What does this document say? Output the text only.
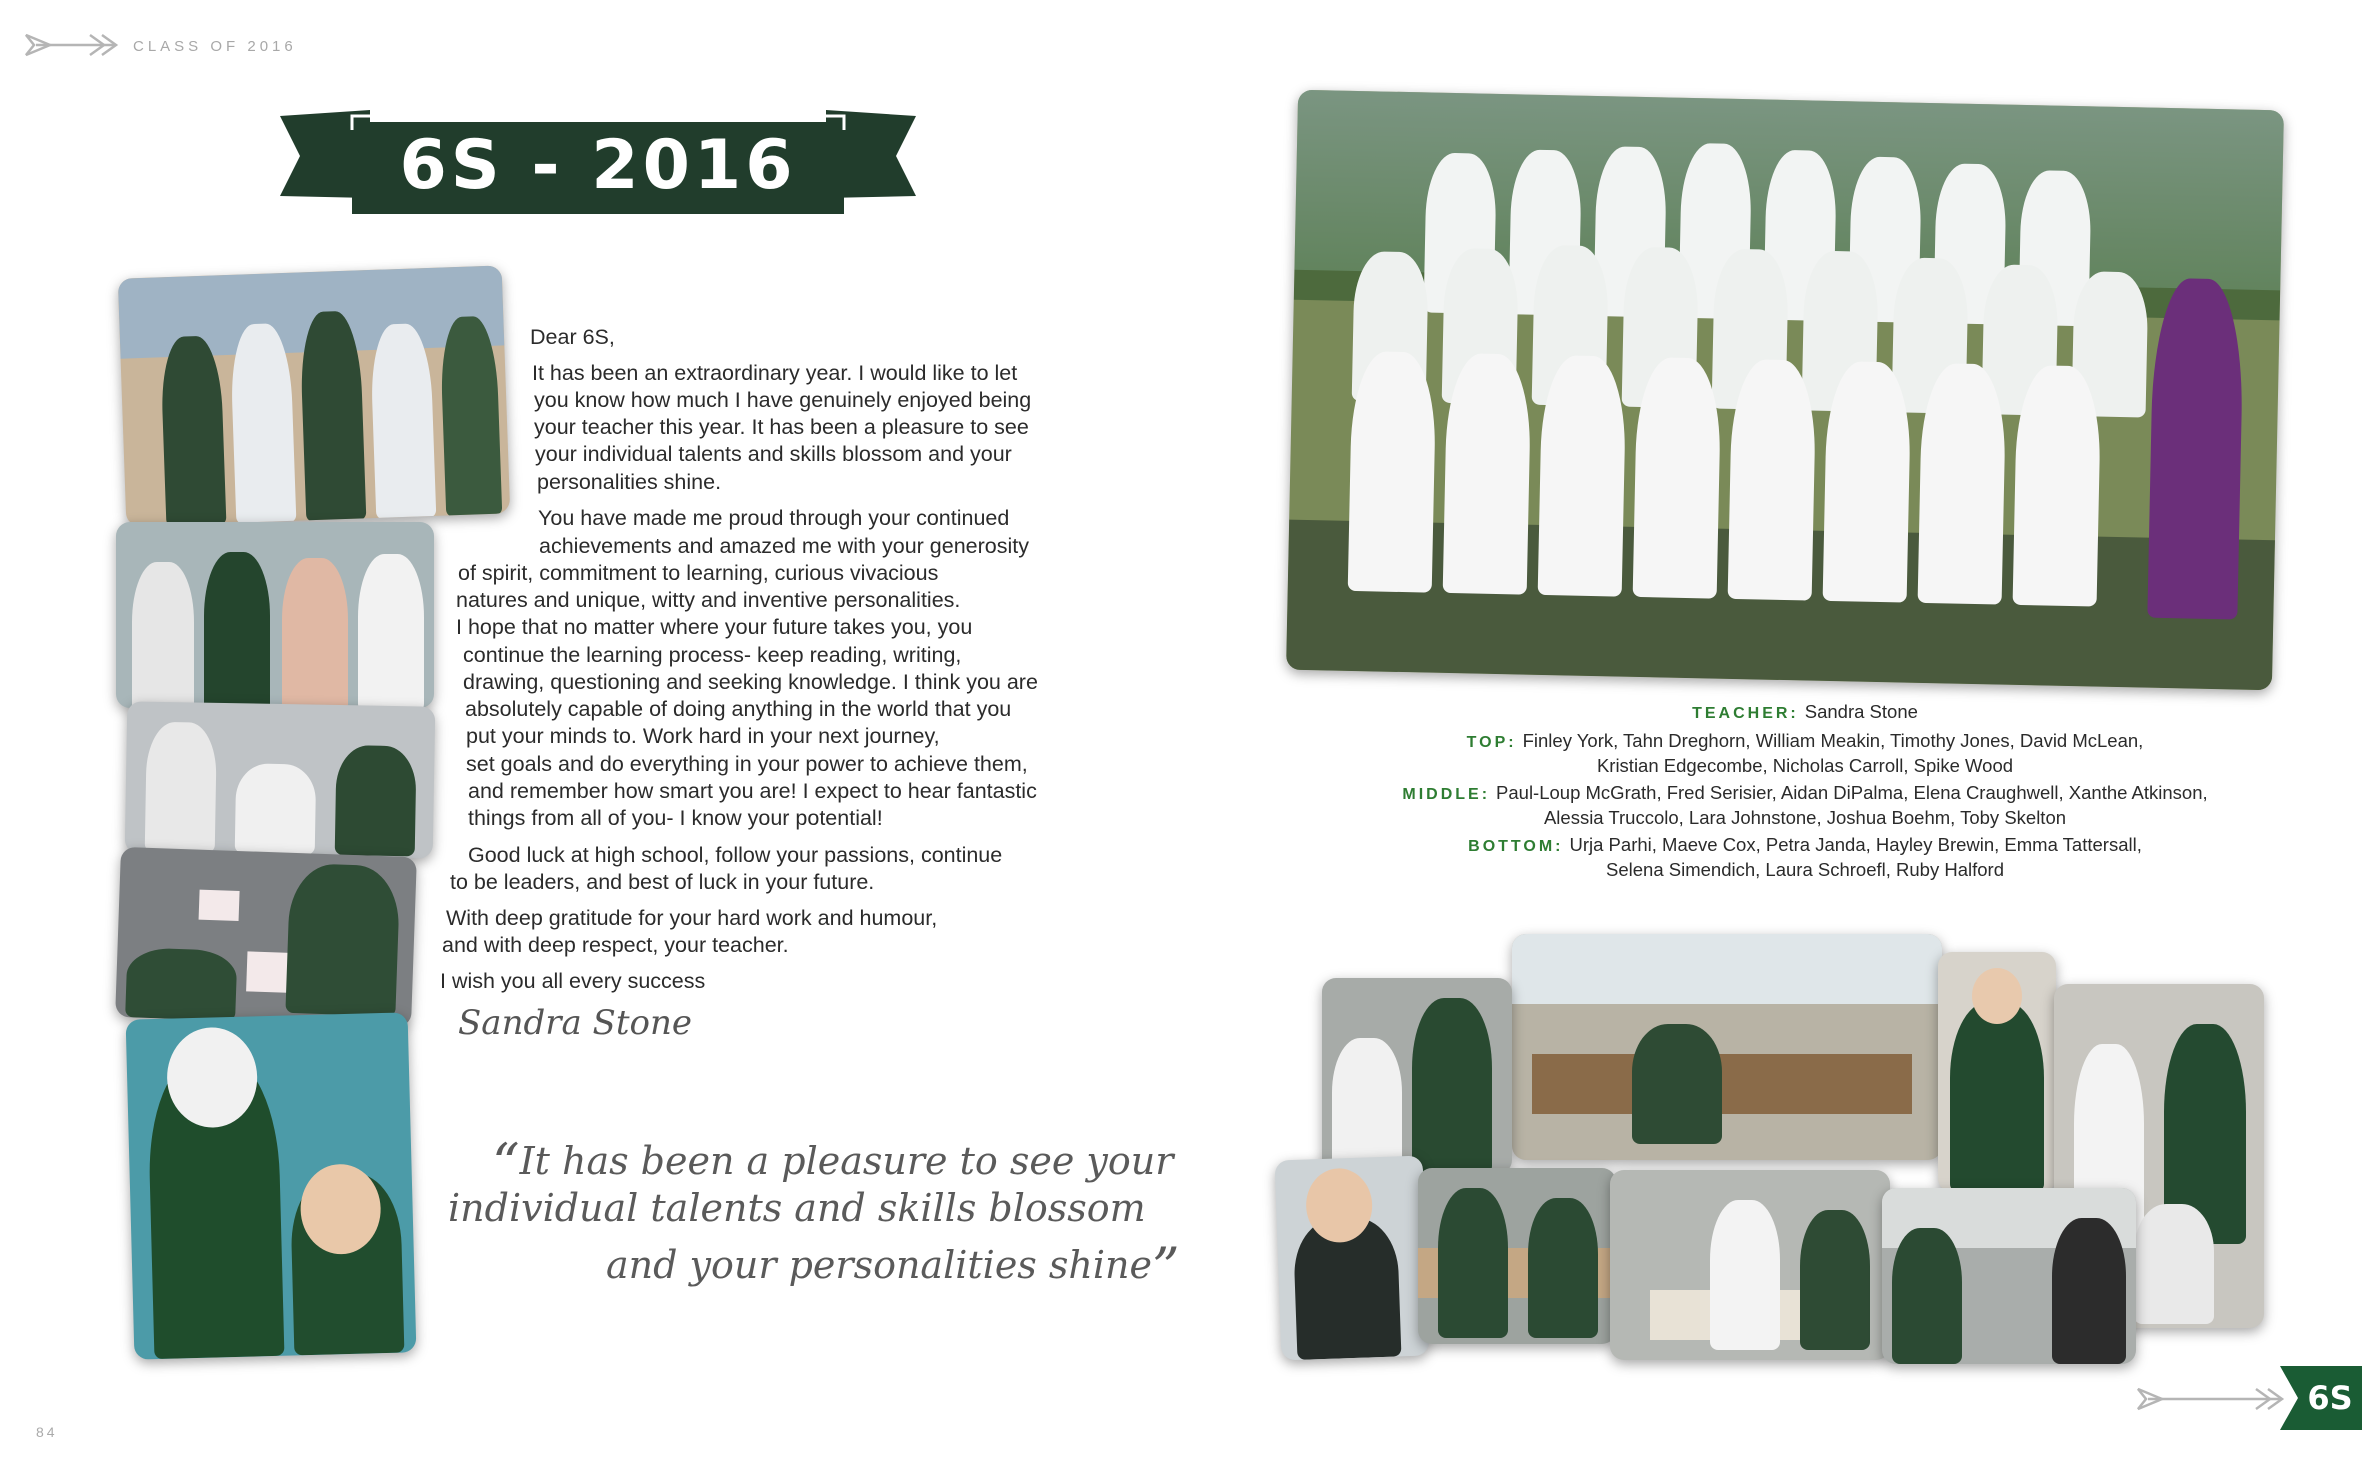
CLASS OF 2016
6S - 2016

Dear 6S,

It has been an extraordinary year. I would like to let

you know how much I have genuinely enjoyed being

your teacher this year. It has been a pleasure to see

your individual talents and skills blossom and your

personalities shine.

You have made me proud through your continued

achievements and amazed me with your generosity

of spirit, commitment to learning, curious vivacious

natures and unique, witty and inventive personalities.

I hope that no matter where your future takes you, you

continue the learning process- keep reading, writing,

drawing, questioning and seeking knowledge. I think you are

absolutely capable of doing anything in the world that you

put your minds to. Work hard in your next journey,

set goals and do everything in your power to achieve them,

and remember how smart you are! I expect to hear fantastic

things from all of you- I know your potential!

Good luck at high school, follow your passions, continue

to be leaders, and best of luck in your future.

With deep gratitude for your hard work and humour,

and with deep respect, your teacher.

I wish you all every success

Sandra Stone
“It has been a pleasure to see your
individual talents and skills blossom
and your personalities shine”
84
TEACHER: Sandra Stone
TOP: Finley York, Tahn Dreghorn, William Meakin, Timothy Jones, David McLean,
Kristian Edgecombe, Nicholas Carroll, Spike Wood
MIDDLE: Paul-Loup McGrath, Fred Serisier, Aidan DiPalma, Elena Craughwell, Xanthe Atkinson,
Alessia Truccolo, Lara Johnstone, Joshua Boehm, Toby Skelton
BOTTOM: Urja Parhi, Maeve Cox, Petra Janda, Hayley Brewin, Emma Tattersall,
Selena Simendich, Laura Schroefl, Ruby Halford
6S
